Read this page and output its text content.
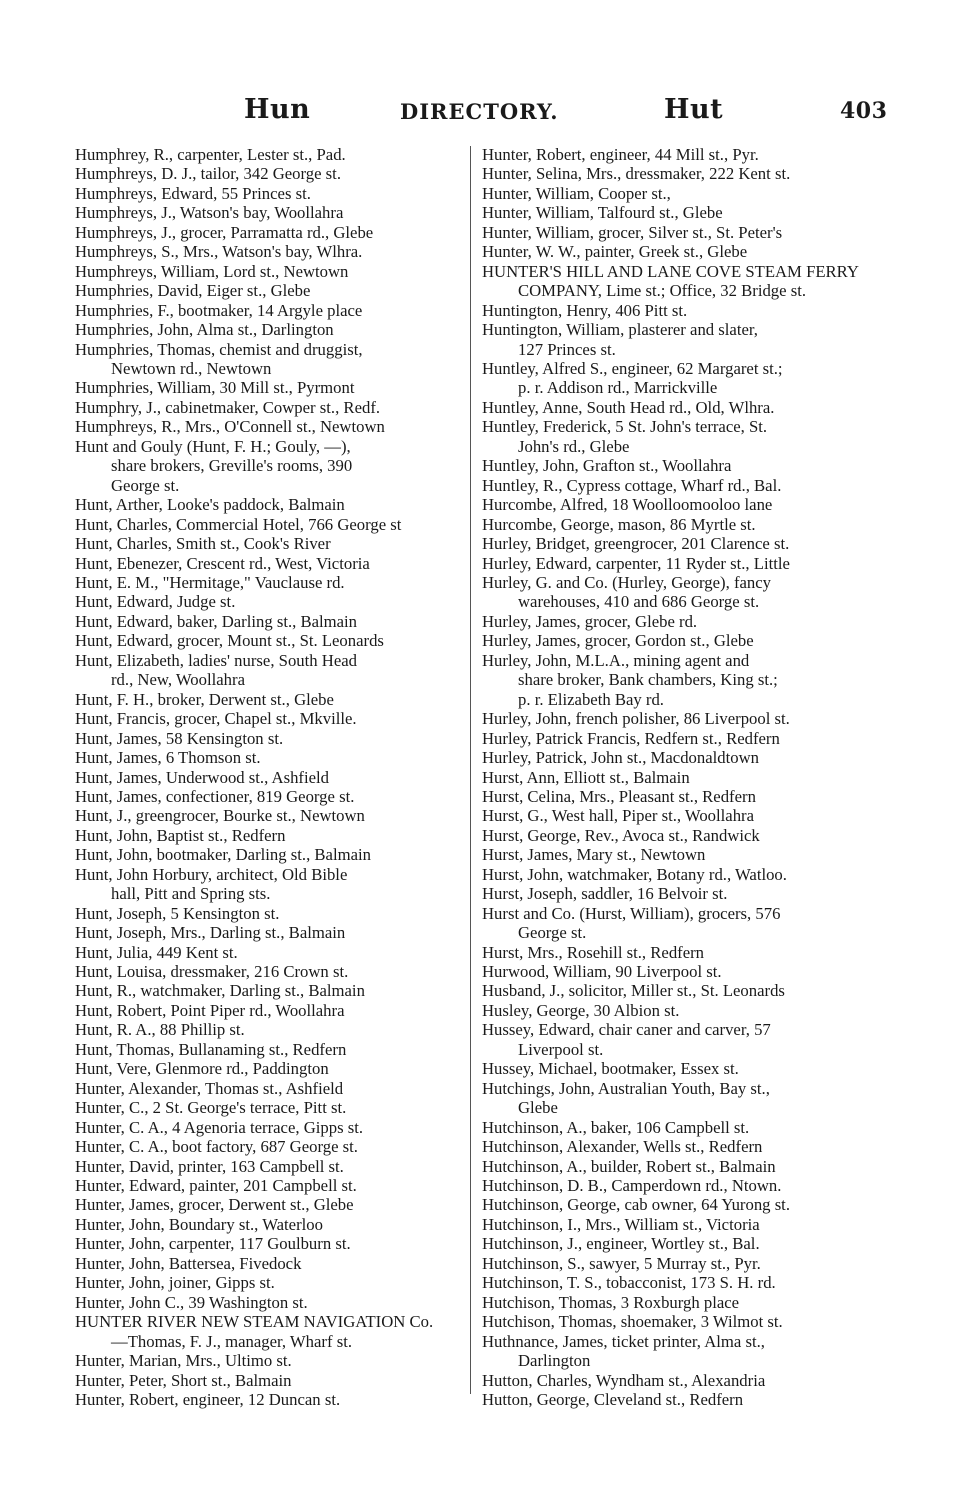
Hun	DIRECTORY.	Hut	403
Humphrey, R., carpenter, Lester st., Pad.
Humphreys, D. J., tailor, 342 George st.
Humphreys, Edward, 55 Princes st.
Humphreys, J., Watson's bay, Woollahra
Humphreys, J., grocer, Parramatta rd., Glebe
Humphreys, S., Mrs., Watson's bay, Wlhra.
Humphreys, William, Lord st., Newtown
Humphries, David, Eiger st., Glebe
Humphries, F., bootmaker, 14 Argyle place
Humphries, John, Alma st., Darlington
Humphries, Thomas, chemist and druggist,
Newtown rd., Newtown
Humphries, William, 30 Mill st., Pyrmont
Humphry, J., cabinetmaker, Cowper st., Redf.
Humphreys, R., Mrs., O'Connell st., Newtown
Hunt and Gouly (Hunt, F. H.; Gouly, —),
share brokers, Greville's rooms, 390
George st.
Hunt, Arther, Looke's paddock, Balmain
Hunt, Charles, Commercial Hotel, 766 George st
Hunt, Charles, Smith st., Cook's River
Hunt, Ebenezer, Crescent rd., West, Victoria
Hunt, E. M., "Hermitage," Vauclause rd.
Hunt, Edward, Judge st.
Hunt, Edward, baker, Darling st., Balmain
Hunt, Edward, grocer, Mount st., St. Leonards
Hunt, Elizabeth, ladies' nurse, South Head
rd., New, Woollahra
Hunt, F. H., broker, Derwent st., Glebe
Hunt, Francis, grocer, Chapel st., Mkville.
Hunt, James, 58 Kensington st.
Hunt, James, 6 Thomson st.
Hunt, James, Underwood st., Ashfield
Hunt, James, confectioner, 819 George st.
Hunt, J., greengrocer, Bourke st., Newtown
Hunt, John, Baptist st., Redfern
Hunt, John, bootmaker, Darling st., Balmain
Hunt, John Horbury, architect, Old Bible
hall, Pitt and Spring sts.
Hunt, Joseph, 5 Kensington st.
Hunt, Joseph, Mrs., Darling st., Balmain
Hunt, Julia, 449 Kent st.
Hunt, Louisa, dressmaker, 216 Crown st.
Hunt, R., watchmaker, Darling st., Balmain
Hunt, Robert, Point Piper rd., Woollahra
Hunt, R. A., 88 Phillip st.
Hunt, Thomas, Bullanaming st., Redfern
Hunt, Vere, Glenmore rd., Paddington
Hunter, Alexander, Thomas st., Ashfield
Hunter, C., 2 St. George's terrace, Pitt st.
Hunter, C. A., 4 Agenoria terrace, Gipps st.
Hunter, C. A., boot factory, 687 George st.
Hunter, David, printer, 163 Campbell st.
Hunter, Edward, painter, 201 Campbell st.
Hunter, James, grocer, Derwent st., Glebe
Hunter, John, Boundary st., Waterloo
Hunter, John, carpenter, 117 Goulburn st.
Hunter, John, Battersea, Fivedock
Hunter, John, joiner, Gipps st.
Hunter, John C., 39 Washington st.
HUNTER RIVER NEW STEAM NAVIGATION Co.
—Thomas, F. J., manager, Wharf st.
Hunter, Marian, Mrs., Ultimo st.
Hunter, Peter, Short st., Balmain
Hunter, Robert, engineer, 12 Duncan st.
Hunter, Robert, engineer, 44 Mill st., Pyr.
Hunter, Selina, Mrs., dressmaker, 222 Kent st.
Hunter, William, Cooper st.,
Hunter, William, Talfourd st., Glebe
Hunter, William, grocer, Silver st., St. Peter's
Hunter, W. W., painter, Greek st., Glebe
HUNTER'S HILL AND LANE COVE STEAM FERRY
COMPANY, Lime st.; Office, 32 Bridge st.
Huntington, Henry, 406 Pitt st.
Huntington, William, plasterer and slater,
127 Princes st.
Huntley, Alfred S., engineer, 62 Margaret st.;
p. r. Addison rd., Marrickville
Huntley, Anne, South Head rd., Old, Wlhra.
Huntley, Frederick, 5 St. John's terrace, St.
John's rd., Glebe
Huntley, John, Grafton st., Woollahra
Huntley, R., Cypress cottage, Wharf rd., Bal.
Hurcombe, Alfred, 18 Woolloomooloo lane
Hurcombe, George, mason, 86 Myrtle st.
Hurley, Bridget, greengrocer, 201 Clarence st.
Hurley, Edward, carpenter, 11 Ryder st., Little
Hurley, G. and Co. (Hurley, George), fancy
warehouses, 410 and 686 George st.
Hurley, James, grocer, Glebe rd.
Hurley, James, grocer, Gordon st., Glebe
Hurley, John, M.L.A., mining agent and
share broker, Bank chambers, King st.;
p. r. Elizabeth Bay rd.
Hurley, John, french polisher, 86 Liverpool st.
Hurley, Patrick Francis, Redfern st., Redfern
Hurley, Patrick, John st., Macdonaldtown
Hurst, Ann, Elliott st., Balmain
Hurst, Celina, Mrs., Pleasant st., Redfern
Hurst, G., West hall, Piper st., Woollahra
Hurst, George, Rev., Avoca st., Randwick
Hurst, James, Mary st., Newtown
Hurst, John, watchmaker, Botany rd., Watloo.
Hurst, Joseph, saddler, 16 Belvoir st.
Hurst and Co. (Hurst, William), grocers, 576
George st.
Hurst, Mrs., Rosehill st., Redfern
Hurwood, William, 90 Liverpool st.
Husband, J., solicitor, Miller st., St. Leonards
Husley, George, 30 Albion st.
Hussey, Edward, chair caner and carver, 57
Liverpool st.
Hussey, Michael, bootmaker, Essex st.
Hutchings, John, Australian Youth, Bay st.,
Glebe
Hutchinson, A., baker, 106 Campbell st.
Hutchinson, Alexander, Wells st., Redfern
Hutchinson, A., builder, Robert st., Balmain
Hutchinson, D. B., Camperdown rd., Ntown.
Hutchinson, George, cab owner, 64 Yurong st.
Hutchinson, I., Mrs., William st., Victoria
Hutchinson, J., engineer, Wortley st., Bal.
Hutchinson, S., sawyer, 5 Murray st., Pyr.
Hutchinson, T. S., tobacconist, 173 S. H. rd.
Hutchison, Thomas, 3 Roxburgh place
Hutchison, Thomas, shoemaker, 3 Wilmot st.
Huthnance, James, ticket printer, Alma st.,
Darlington
Hutton, Charles, Wyndham st., Alexandria
Hutton, George, Cleveland st., Redfern
